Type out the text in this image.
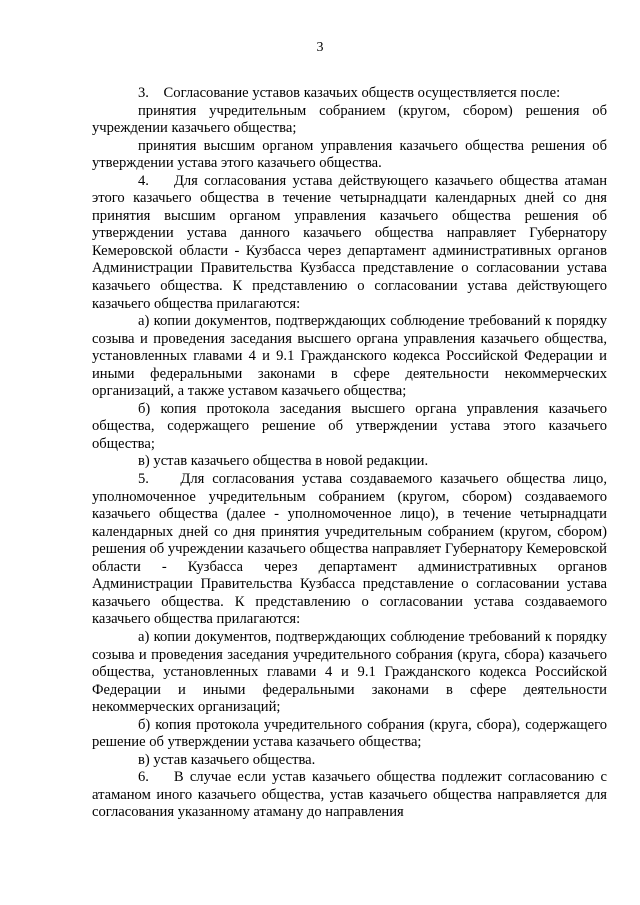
3

3.    Согласование уставов казачьих обществ осуществляется после:

принятия учредительным собранием (кругом, сбором) решения об учреждении казачьего общества;

принятия высшим органом управления казачьего общества решения об утверждении устава этого казачьего общества.

4.    Для согласования устава действующего казачьего общества атаман этого казачьего общества в течение четырнадцати календарных дней со дня принятия высшим органом управления казачьего общества решения об утверждении устава данного казачьего общества направляет Губернатору Кемеровской области - Кузбасса через департамент административных органов Администрации Правительства Кузбасса представление о согласовании устава казачьего общества. К представлению о согласовании устава действующего казачьего общества прилагаются:

а) копии документов, подтверждающих соблюдение требований к порядку созыва и проведения заседания высшего органа управления казачьего общества, установленных главами 4 и 9.1 Гражданского кодекса Российской Федерации и иными федеральными законами в сфере деятельности некоммерческих организаций, а также уставом казачьего общества;

б) копия протокола заседания высшего органа управления казачьего общества, содержащего решение об утверждении устава этого казачьего общества;

в) устав казачьего общества в новой редакции.

5.    Для согласования устава создаваемого казачьего общества лицо, уполномоченное учредительным собранием (кругом, сбором) создаваемого казачьего общества (далее - уполномоченное лицо), в течение четырнадцати календарных дней со дня принятия учредительным собранием (кругом, сбором) решения об учреждении казачьего общества направляет Губернатору Кемеровской области - Кузбасса через департамент административных органов Администрации Правительства Кузбасса представление о согласовании устава казачьего общества. К представлению о согласовании устава создаваемого казачьего общества прилагаются:

а) копии документов, подтверждающих соблюдение требований к порядку созыва и проведения заседания учредительного собрания (круга, сбора) казачьего общества, установленных главами 4 и 9.1 Гражданского кодекса Российской Федерации и иными федеральными законами в сфере деятельности некоммерческих организаций;

б) копия протокола учредительного собрания (круга, сбора), содержащего решение об утверждении устава казачьего общества;

в) устав казачьего общества.

6.    В случае если устав казачьего общества подлежит согласованию с атаманом иного казачьего общества, устав казачьего общества направляется для согласования указанному атаману до направления
